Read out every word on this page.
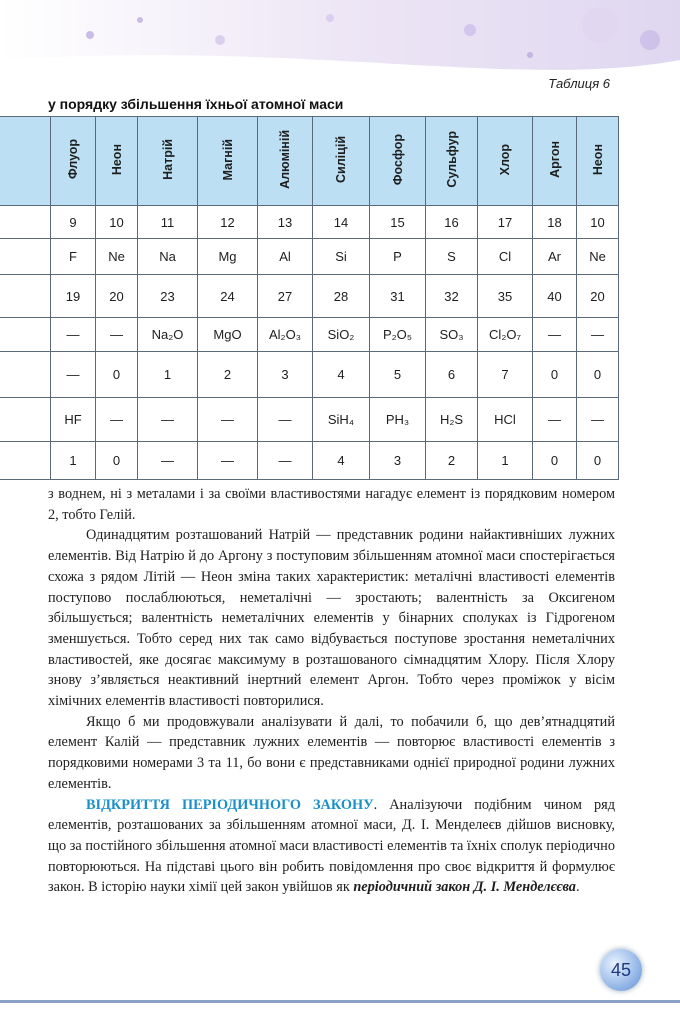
Таблиця 6
у порядку збільшення їхньої атомної маси
	Флуор	Неон	Натрій	Магній	Алюміній	Силіцій	Фосфор	Сульфур	Хлор	Аргон	Неон
	9	10	11	12	13	14	15	16	17	18	10
	F	Ne	Na	Mg	Al	Si	P	S	Cl	Ar	Ne
	19	20	23	24	27	28	31	32	35	40	20
	—	—	Na₂O	MgO	Al₂O₃	SiO₂	P₂O₅	SO₃	Cl₂O₇	—	—
	—	0	1	2	3	4	5	6	7	0	0
	HF	—	—	—	—	SiH₄	PH₃	H₂S	HCl	—	—
	1	0	—	—	—	4	3	2	1	0	0

з воднем, ні з металами і за своїми властивостями нагадує елемент із порядковим номером 2, тобто Гелій.

Одинадцятим розташований Натрій — представник родини найактивніших лужних елементів. Від Натрію й до Аргону з поступовим збільшенням атомної маси спостерігається схожа з рядом Літій — Неон зміна таких характеристик: металічні властивості елементів поступово послаблюються, неметалічні — зростають; валентність за Оксигеном збільшується; валентність неметалічних елементів у бінарних сполуках із Гідрогеном зменшується. Тобто серед них так само відбувається поступове зростання неметалічних властивостей, яке досягає максимуму в розташованого сімнадцятим Хлору. Після Хлору знову з’являється неактивний інертний елемент Аргон. Тобто через проміжок у вісім хімічних елементів властивості повторилися.

Якщо б ми продовжували аналізувати й далі, то побачили б, що дев’ятнадцятий елемент Калій — представник лужних елементів — повторює властивості елементів з порядковими номерами 3 та 11, бо вони є представниками однієї природної родини лужних елементів.

ВІДКРИТТЯ ПЕРІОДИЧНОГО ЗАКОНУ. Аналізуючи подібним чином ряд елементів, розташованих за збільшенням атомної маси, Д. І. Менделеєв дійшов висновку, що за постійного збільшення атомної маси властивості елементів та їхніх сполук періодично повторюються. На підставі цього він робить повідомлення про своє відкриття й формулює закон. В історію науки хімії цей закон увійшов як періодичний закон Д. І. Менделєєва.

45
